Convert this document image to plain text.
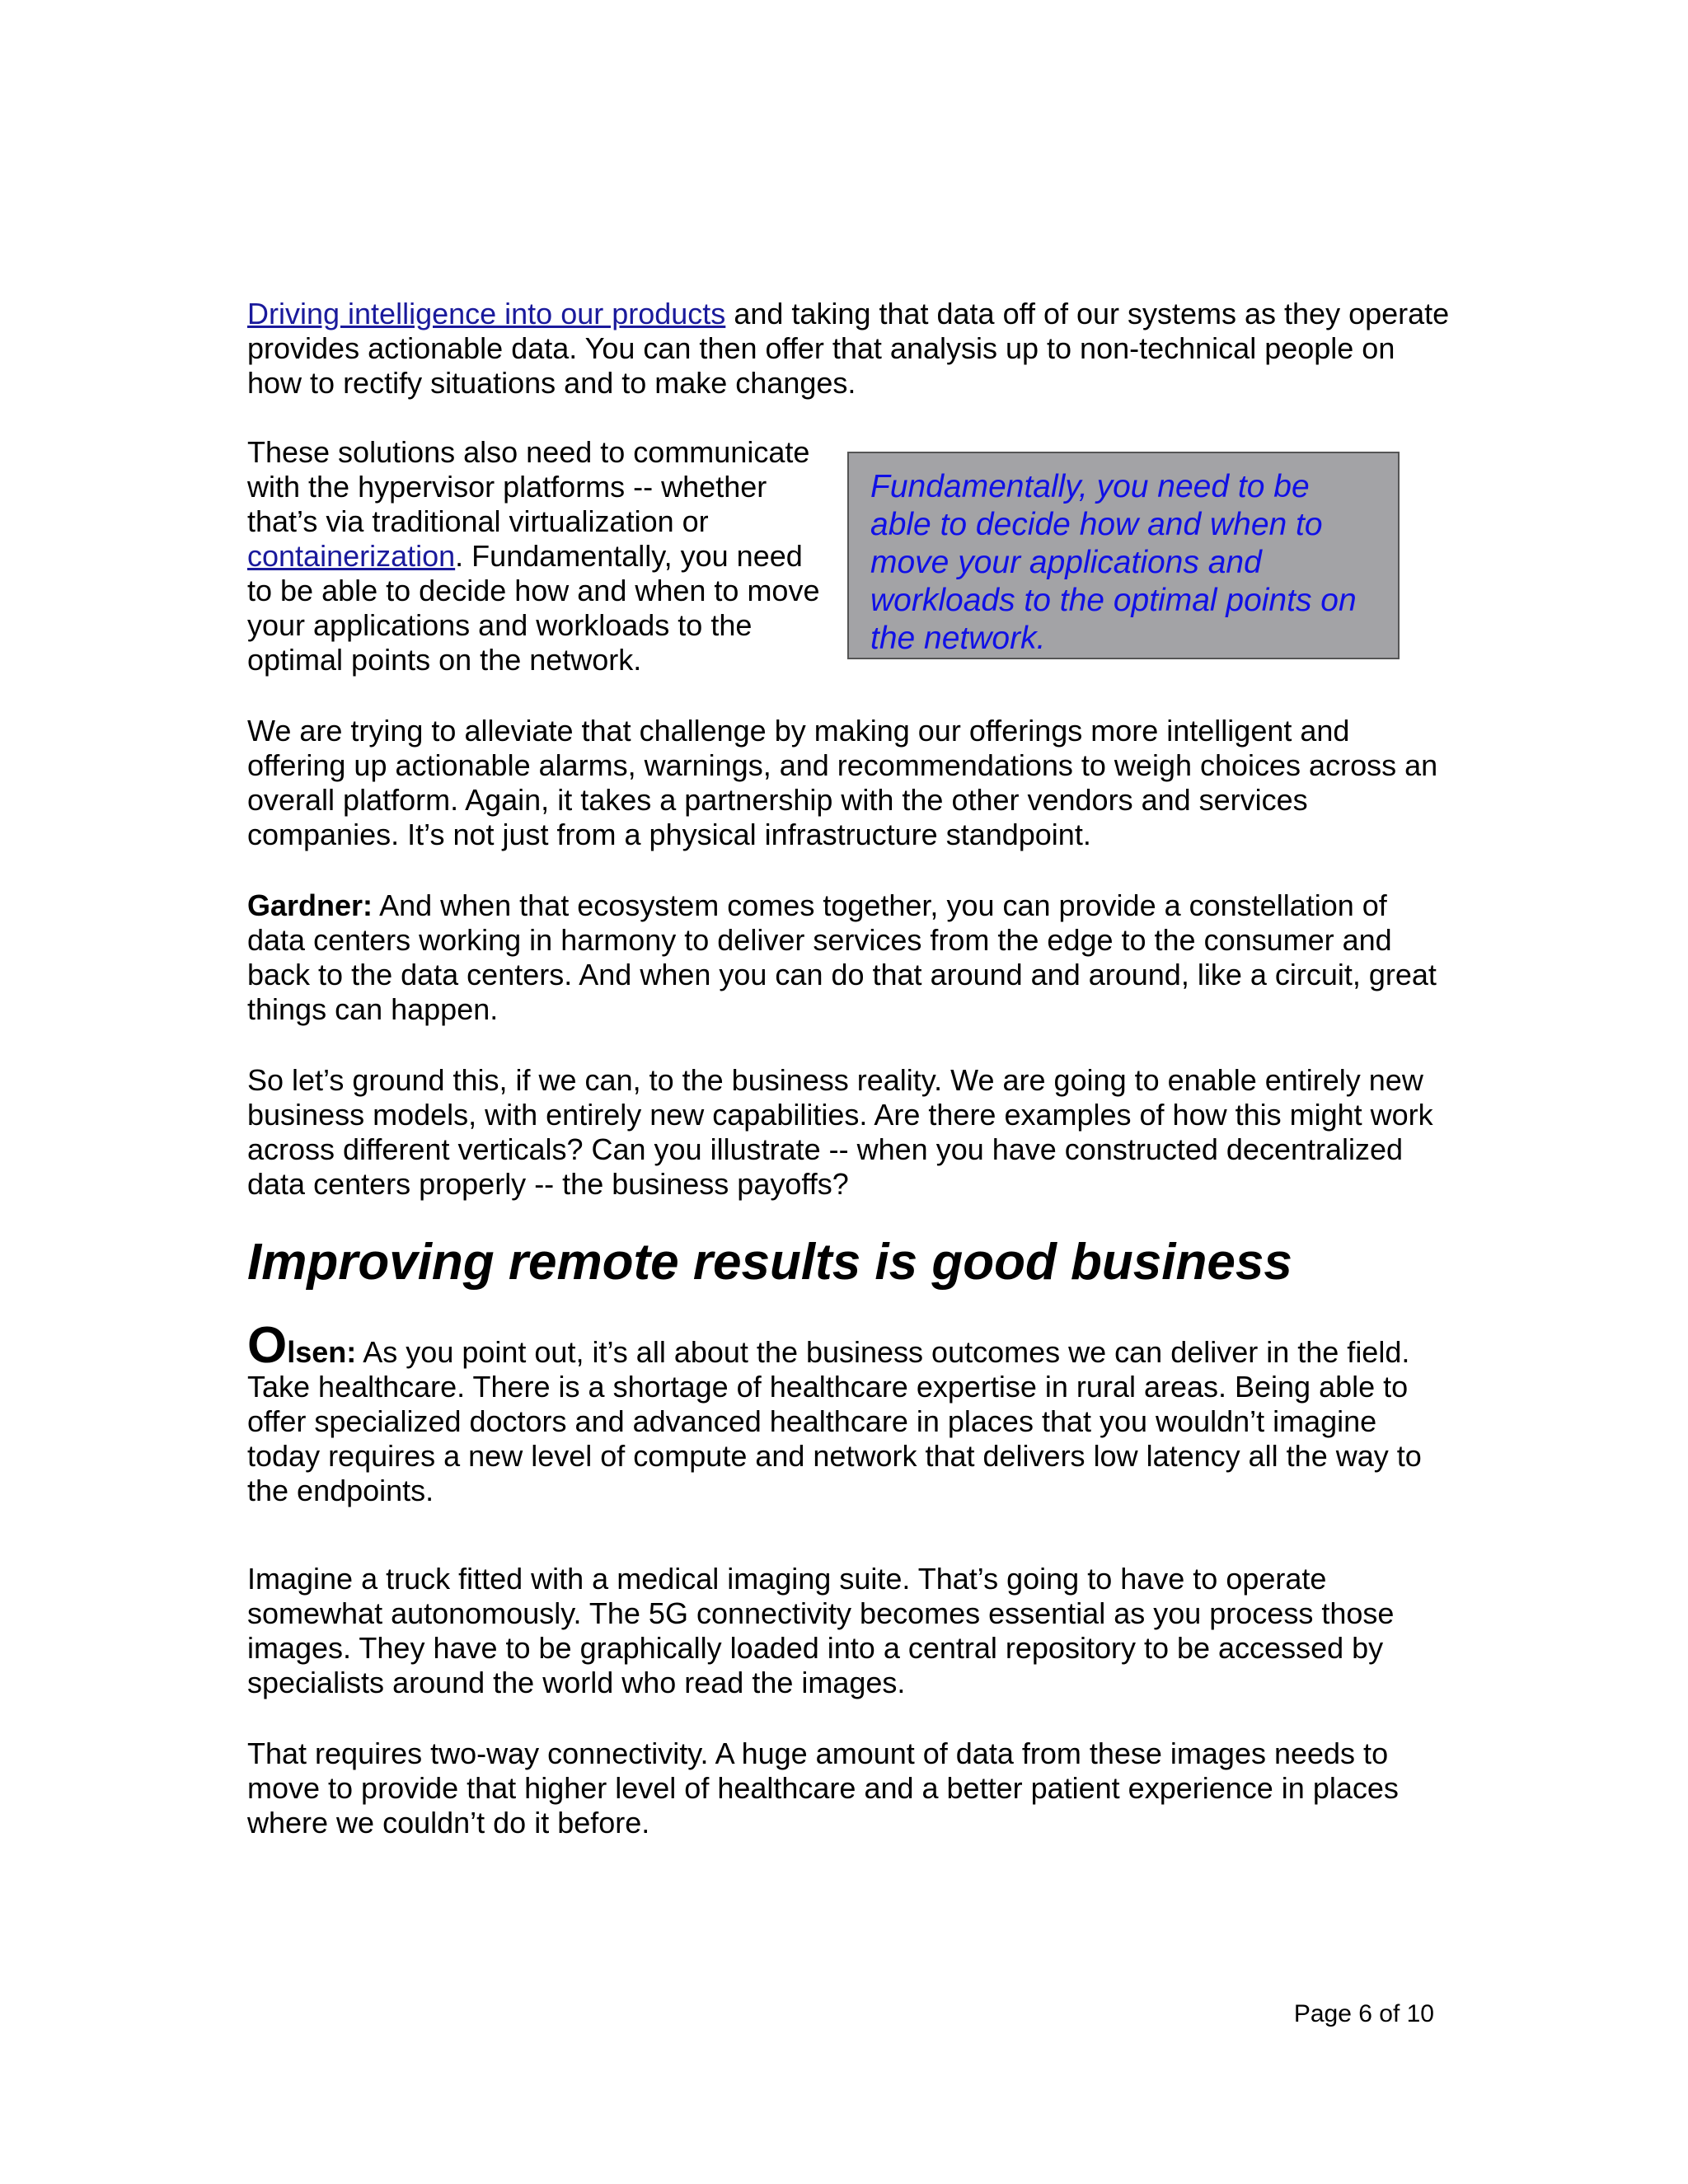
Driving intelligence into our products and taking that data off of our systems as they operate provides actionable data. You can then offer that analysis up to non-technical people on how to rectify situations and to make changes.

These solutions also need to communicate with the hypervisor platforms -- whether that’s via traditional virtualization or containerization. Fundamentally, you need to be able to decide how and when to move your applications and workloads to the optimal points on the network.

Fundamentally, you need to be able to decide how and when to move your applications and workloads to the optimal points on the network.

We are trying to alleviate that challenge by making our offerings more intelligent and offering up actionable alarms, warnings, and recommendations to weigh choices across an overall platform. Again, it takes a partnership with the other vendors and services companies. It’s not just from a physical infrastructure standpoint.

Gardner: And when that ecosystem comes together, you can provide a constellation of data centers working in harmony to deliver services from the edge to the consumer and back to the data centers. And when you can do that around and around, like a circuit, great things can happen.

So let’s ground this, if we can, to the business reality. We are going to enable entirely new business models, with entirely new capabilities. Are there examples of how this might work across different verticals? Can you illustrate -- when you have constructed decentralized data centers properly -- the business payoffs?

Improving remote results is good business

Olsen: As you point out, it’s all about the business outcomes we can deliver in the field. Take healthcare. There is a shortage of healthcare expertise in rural areas. Being able to offer specialized doctors and advanced healthcare in places that you wouldn’t imagine today requires a new level of compute and network that delivers low latency all the way to the endpoints.

Imagine a truck fitted with a medical imaging suite. That’s going to have to operate somewhat autonomously. The 5G connectivity becomes essential as you process those images. They have to be graphically loaded into a central repository to be accessed by specialists around the world who read the images.

That requires two-way connectivity. A huge amount of data from these images needs to move to provide that higher level of healthcare and a better patient experience in places where we couldn’t do it before.

Page 6 of 10
